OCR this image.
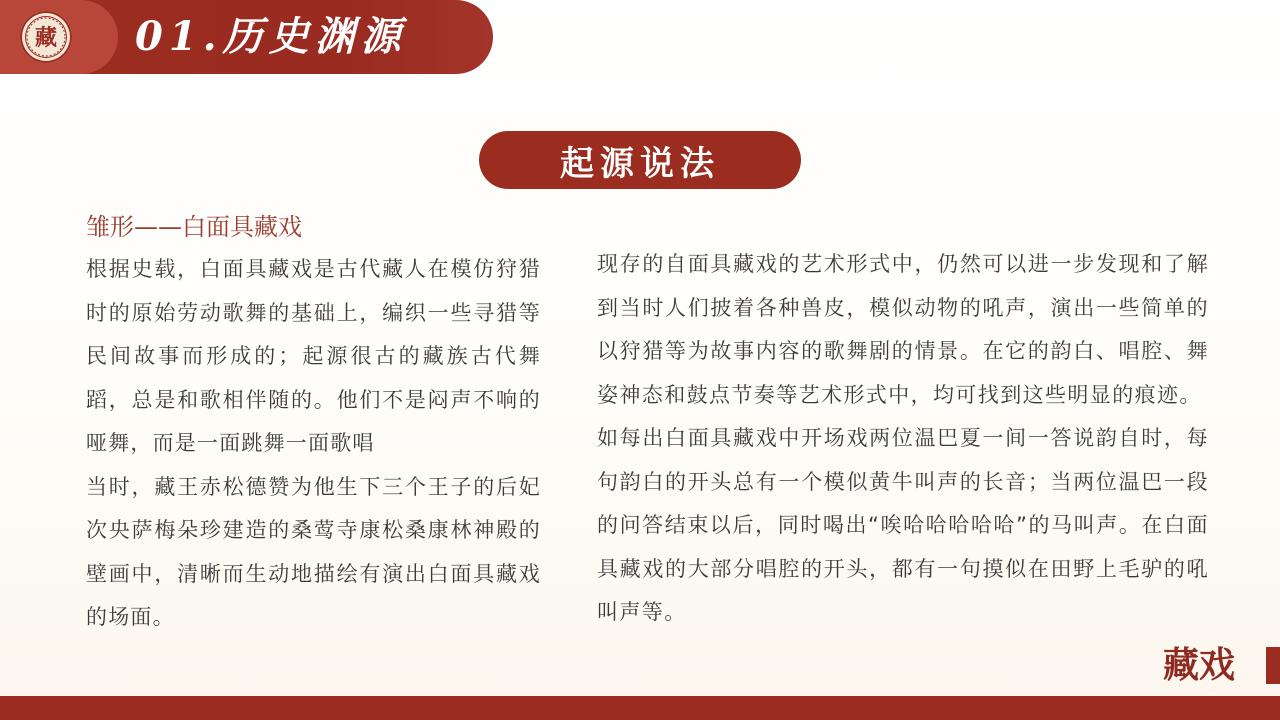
藏 01.历史渊源
起源说法
雏形——白面具藏戏

根据史载，白面具藏戏是古代藏人在模仿狩猎时的原始劳动歌舞的基础上，编织一些寻猎等民间故事而形成的；起源很古的藏族古代舞蹈，总是和歌相伴随的。他们不是闷声不响的哑舞，而是一面跳舞一面歌唱

当时，藏王赤松德赞为他生下三个王子的后妃次央萨梅朵珍建造的桑莺寺康松桑康林神殿的壁画中，清晰而生动地描绘有演出白面具藏戏的场面。

现存的自面具藏戏的艺术形式中，仍然可以进一步发现和了解到当时人们披着各种兽皮，模似动物的吼声，演出一些简单的以狩猎等为故事内容的歌舞剧的情景。在它的韵白、唱腔、舞姿神态和鼓点节奏等艺术形式中，均可找到这些明显的痕迹。

如每出白面具藏戏中开场戏两位温巴夏一间一答说韵自时，每句韵白的开头总有一个模似黄牛叫声的长音；当两位温巴一段的问答结束以后，同时喝出“唉哈哈哈哈哈”的马叫声。在白面具藏戏的大部分唱腔的开头，都有一句摸似在田野上毛驴的吼叫声等。

藏戏
